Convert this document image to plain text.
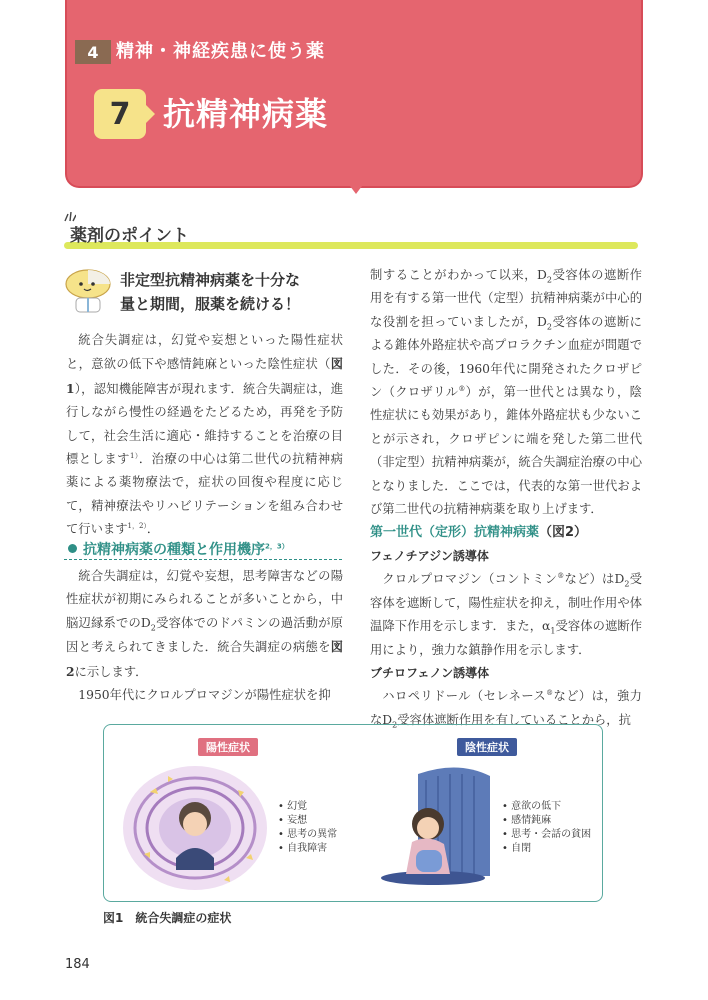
4 精神・神経疾患に使う薬
7	抗精神病薬
薬剤のポイント
非定型抗精神病薬を十分な
量と期間，服薬を続ける！

統合失調症は，幻覚や妄想といった陽性症状と，意欲の低下や感情鈍麻といった陰性症状（図1），認知機能障害が現れます．統合失調症は，進行しながら慢性の経過をたどるため，再発を予防して，社会生活に適応・維持することを治療の目標とします$^{1)}$．治療の中心は第二世代の抗精神病薬による薬物療法で，症状の回復や程度に応じて，精神療法やリハビリテーションを組み合わせて行います$^{1,2)}$．

抗精神病薬の種類と作用機序$^{2,3)}$

統合失調症は，幻覚や妄想，思考障害などの陽性症状が初期にみられることが多いことから，中脳辺縁系での$D_2$受容体でのドパミンの過活動が原因と考えられてきました．統合失調症の病態を図2に示します．

1950年代にクロルプロマジンが陽性症状を抑

制することがわかって以来，$D_2$受容体の遮断作用を有する第一世代（定型）抗精神病薬が中心的な役割を担っていましたが，$D_2$受容体の遮断による錐体外路症状や高プロラクチン血症が問題でした．その後，1960年代に開発されたクロザピン（クロザリル®）が，第一世代とは異なり，陰性症状にも効果があり，錐体外路症状も少ないことが示され，クロザピンに端を発した第二世代（非定型）抗精神病薬が，統合失調症治療の中心となりました．ここでは，代表的な第一世代および第二世代の抗精神病薬を取り上げます．

第一世代（定形）抗精神病薬（図2）
フェノチアジン誘導体

クロルプロマジン（コントミン®など）は$D_2$受容体を遮断して，陽性症状を抑え，制吐作用や体温降下作用を示します．また，$\alpha_1$受容体の遮断作用により，強力な鎮静作用を示します．

ブチロフェノン誘導体

ハロペリドール（セレネース®など）は，強力な$D_2$受容体遮断作用を有していることから，抗

陽性症状	陰性症状
• 幻覚
• 妄想
• 思考の異常
• 自我障害
• 意欲の低下
• 感情鈍麻
• 思考・会話の貧困
• 自閉
図1　 統合失調症の症状
184
